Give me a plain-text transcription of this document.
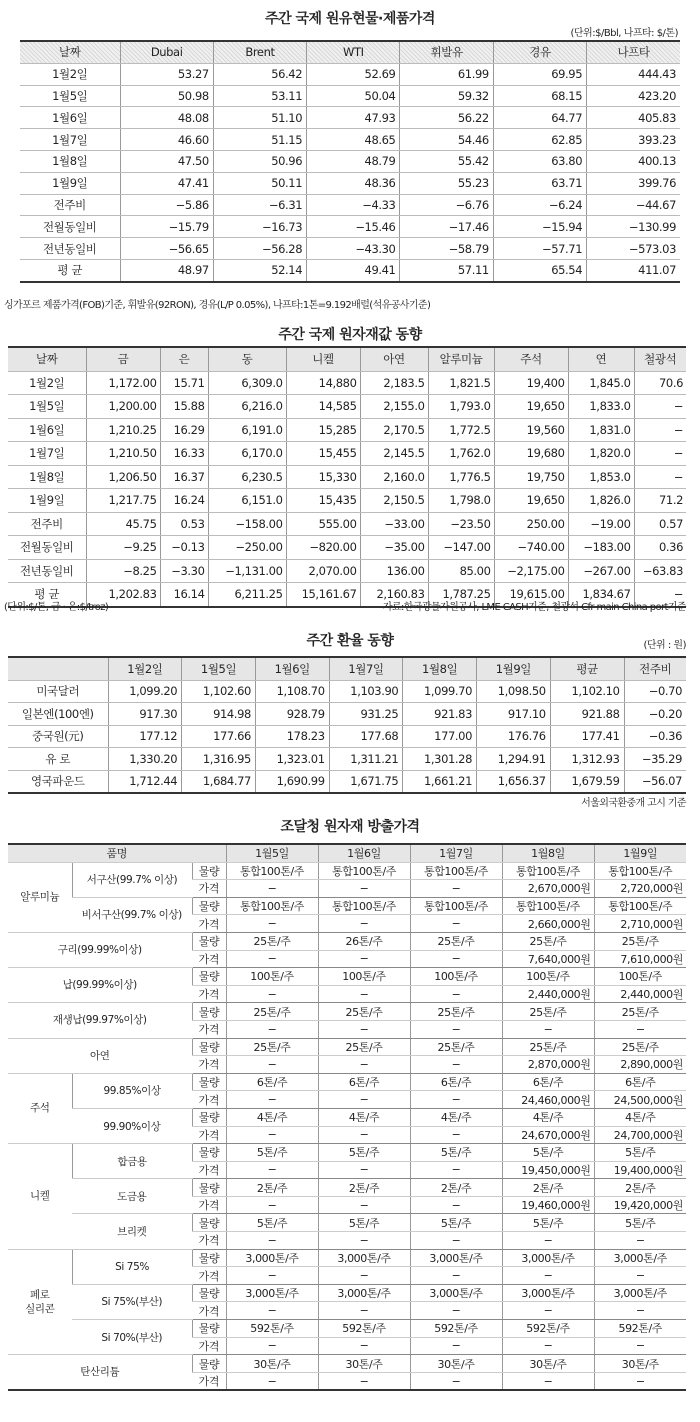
주간 국제 원유현물·제품가격
(단위:$/Bbl, 나프타: $/톤)
날짜	Dubai	Brent	WTI	휘발유	경유	나프타
1월2일	53.27	56.42	52.69	61.99	69.95	444.43
1월5일	50.98	53.11	50.04	59.32	68.15	423.20
1월6일	48.08	51.10	47.93	56.22	64.77	405.83
1월7일	46.60	51.15	48.65	54.46	62.85	393.23
1월8일	47.50	50.96	48.79	55.42	63.80	400.13
1월9일	47.41	50.11	48.36	55.23	63.71	399.76
전주비	−5.86	−6.31	−4.33	−6.76	−6.24	−44.67
전월동일비	−15.79	−16.73	−15.46	−17.46	−15.94	−130.99
전년동일비	−56.65	−56.28	−43.30	−58.79	−57.71	−573.03
평 균	48.97	52.14	49.41	57.11	65.54	411.07
싱가포르 제품가격(FOB)기준, 휘발유(92RON), 경유(L/P 0.05%), 나프타:1톤=9.192배럴(석유공사기준)
주간 국제 원자재값 동향
날짜	금	은	동	니켈	아연	알루미늄	주석	연	철광석
1월2일	1,172.00	15.71	6,309.0	14,880	2,183.5	1,821.5	19,400	1,845.0	70.6
1월5일	1,200.00	15.88	6,216.0	14,585	2,155.0	1,793.0	19,650	1,833.0	−
1월6일	1,210.25	16.29	6,191.0	15,285	2,170.5	1,772.5	19,560	1,831.0	−
1월7일	1,210.50	16.33	6,170.0	15,455	2,145.5	1,762.0	19,680	1,820.0	−
1월8일	1,206.50	16.37	6,230.5	15,330	2,160.0	1,776.5	19,750	1,853.0	−
1월9일	1,217.75	16.24	6,151.0	15,435	2,150.5	1,798.0	19,650	1,826.0	71.2
전주비	45.75	0.53	−158.00	555.00	−33.00	−23.50	250.00	−19.00	0.57
전월동일비	−9.25	−0.13	−250.00	−820.00	−35.00	−147.00	−740.00	−183.00	0.36
전년동일비	−8.25	−3.30	−1,131.00	2,070.00	136.00	85.00	−2,175.00	−267.00	−63.83
평 균	1,202.83	16.14	6,211.25	15,161.67	2,160.83	1,787.25	19,615.00	1,834.67	−
(단위:$/톤, 금 · 은:$/troz)	자료:한국광물자원공사, LME CASH기준, 철광석 Cfr main China port기준
주간 환율 동향	(단위 : 원)
	1월2일	1월5일	1월6일	1월7일	1월8일	1월9일	평균	전주비
미국달러	1,099.20	1,102.60	1,108.70	1,103.90	1,099.70	1,098.50	1,102.10	−0.70
일본엔(100엔)	917.30	914.98	928.79	931.25	921.83	917.10	921.88	−0.20
중국원(元)	177.12	177.66	178.23	177.68	177.00	176.76	177.41	−0.36
유 로	1,330.20	1,316.95	1,323.01	1,311.21	1,301.28	1,294.91	1,312.93	−35.29
영국파운드	1,712.44	1,684.77	1,690.99	1,671.75	1,661.21	1,656.37	1,679.59	−56.07
서울외국환중개 고시 기준
조달청 원자재 방출가격
품명			1월5일	1월6일	1월7일	1월8일	1월9일
알루미늄	서구산(99.7% 이상)	물량	통합100톤/주	통합100톤/주	통합100톤/주	통합100톤/주	통합100톤/주
		가격	−	−	−	2,670,000원	2,720,000원
	비서구산(99.7% 이상)	물량	통합100톤/주	통합100톤/주	통합100톤/주	통합100톤/주	통합100톤/주
		가격	−	−	−	2,660,000원	2,710,000원
구리(99.99%이상)		물량	25톤/주	26톤/주	25톤/주	25톤/주	25톤/주
		가격	−	−	−	7,640,000원	7,610,000원
납(99.99%이상)		물량	100톤/주	100톤/주	100톤/주	100톤/주	100톤/주
		가격	−	−	−	2,440,000원	2,440,000원
재생납(99.97%이상)		물량	25톤/주	25톤/주	25톤/주	25톤/주	25톤/주
		가격	−	−	−	−	−
아연		물량	25톤/주	25톤/주	25톤/주	25톤/주	25톤/주
		가격	−	−	−	2,870,000원	2,890,000원
주석	99.85%이상	물량	6톤/주	6톤/주	6톤/주	6톤/주	6톤/주
		가격	−	−	−	24,460,000원	24,500,000원
	99.90%이상	물량	4톤/주	4톤/주	4톤/주	4톤/주	4톤/주
		가격	−	−	−	24,670,000원	24,700,000원
니켈	합금용	물량	5톤/주	5톤/주	5톤/주	5톤/주	5톤/주
		가격	−	−	−	19,450,000원	19,400,000원
	도금용	물량	2톤/주	2톤/주	2톤/주	2톤/주	2톤/주
		가격	−	−	−	19,460,000원	19,420,000원
	브리켓	물량	5톤/주	5톤/주	5톤/주	5톤/주	5톤/주
		가격	−	−	−	−	−
페로
실리콘	Si 75%	물량	3,000톤/주	3,000톤/주	3,000톤/주	3,000톤/주	3,000톤/주
		가격	−	−	−	−	−
	Si 75%(부산)	물량	3,000톤/주	3,000톤/주	3,000톤/주	3,000톤/주	3,000톤/주
		가격	−	−	−	−	−
	Si 70%(부산)	물량	592톤/주	592톤/주	592톤/주	592톤/주	592톤/주
		가격	−	−	−	−	−
탄산리튬		물량	30톤/주	30톤/주	30톤/주	30톤/주	30톤/주
		가격	−	−	−	−	−
